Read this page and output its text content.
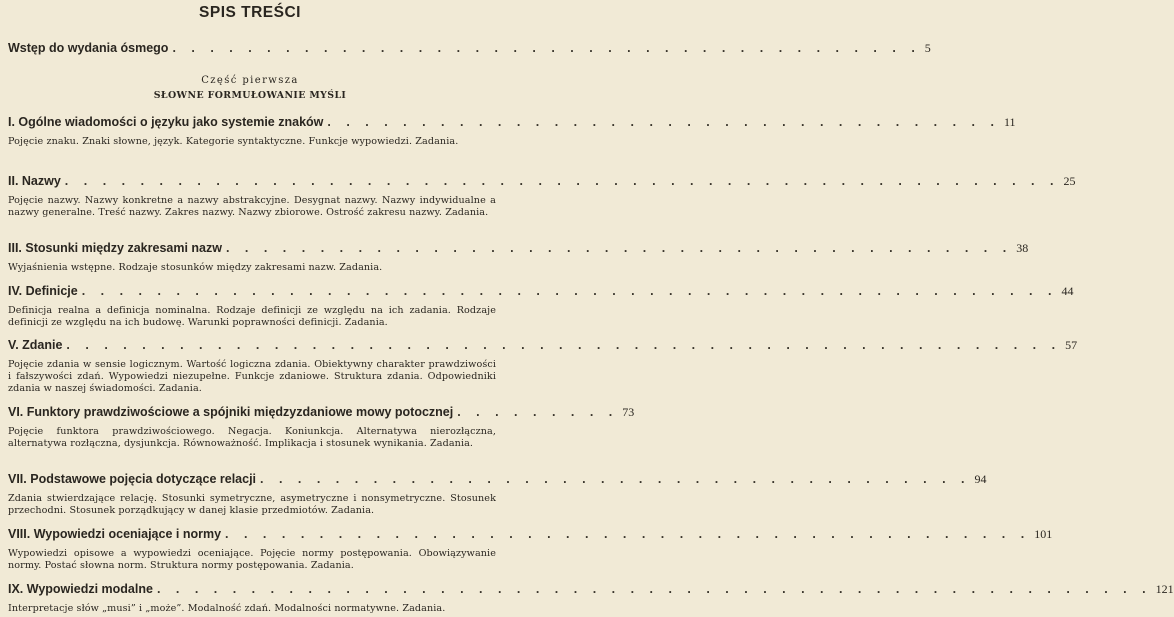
SPIS TREŚCI
Wstęp do wydania ósmego . . . . . . . . . . . . . . . . . . . . . . . . . . . . . . . . . . . . . . . . 5
Część pierwsza
SŁOWNE FORMUŁOWANIE MYŚLI
I. Ogólne wiadomości o języku jako systemie znaków . . . . . . . . . . . . . . . . . . . . . . . . . . . . . . . . . . . . 11
Pojęcie znaku. Znaki słowne, język. Kategorie syntaktyczne. Funkcje wypowiedzi. Zadania.
II. Nazwy . . . . . . . . . . . . . . . . . . . . . . . . . . . . . . . . . . . . . . . . . . . . . . . . . . . . . 25
Pojęcie nazwy. Nazwy konkretne a nazwy abstrakcyjne. Desygnat nazwy. Nazwy indywidualne a nazwy generalne. Treść nazwy. Zakres nazwy. Nazwy zbiorowe. Ostrość zakresu nazwy. Zadania.
III. Stosunki między zakresami nazw . . . . . . . . . . . . . . . . . . . . . . . . . . . . . . . . . . . . . . . . . . 38
Wyjaśnienia wstępne. Rodzaje stosunków między zakresami nazw. Zadania.
IV. Definicje . . . . . . . . . . . . . . . . . . . . . . . . . . . . . . . . . . . . . . . . . . . . . . . . . . . . 44
Definicja realna a definicja nominalna. Rodzaje definicji ze względu na ich zadania. Rodzaje definicji ze względu na ich budowę. Warunki poprawności definicji. Zadania.
V. Zdanie . . . . . . . . . . . . . . . . . . . . . . . . . . . . . . . . . . . . . . . . . . . . . . . . . . . . . 57
Pojęcie zdania w sensie logicznym. Wartość logiczna zdania. Obiektywny charakter prawdziwości i fałszywości zdań. Wypowiedzi niezupełne. Funkcje zdaniowe. Struktura zdania. Odpowiedniki zdania w naszej świadomości. Zadania.
VI. Funktory prawdziwościowe a spójniki międzyzdaniowe mowy potocznej . . . . . . . . . 73
Pojęcie funktora prawdziwościowego. Negacja. Koniunkcja. Alternatywa nierozłączna, alternatywa rozłączna, dysjunkcja. Równoważność. Implikacja i stosunek wynikania. Zadania.
VII. Podstawowe pojęcia dotyczące relacji . . . . . . . . . . . . . . . . . . . . . . . . . . . . . . . . . . . . . . 94
Zdania stwierdzające relację. Stosunki symetryczne, asymetryczne i nonsymetryczne. Stosunek przechodni. Stosunek porządkujący w danej klasie przedmiotów. Zadania.
VIII. Wypowiedzi oceniające i normy . . . . . . . . . . . . . . . . . . . . . . . . . . . . . . . . . . . . . . . . . . . 101
Wypowiedzi opisowe a wypowiedzi oceniające. Pojęcie normy postępowania. Obowiązywanie normy. Postać słowna norm. Struktura normy postępowania. Zadania.
IX. Wypowiedzi modalne . . . . . . . . . . . . . . . . . . . . . . . . . . . . . . . . . . . . . . . . . . . . . . . . . . . . . 121
Interpretacje słów „musi” i „może”. Modalność zdań. Modalności normatywne. Zadania.
